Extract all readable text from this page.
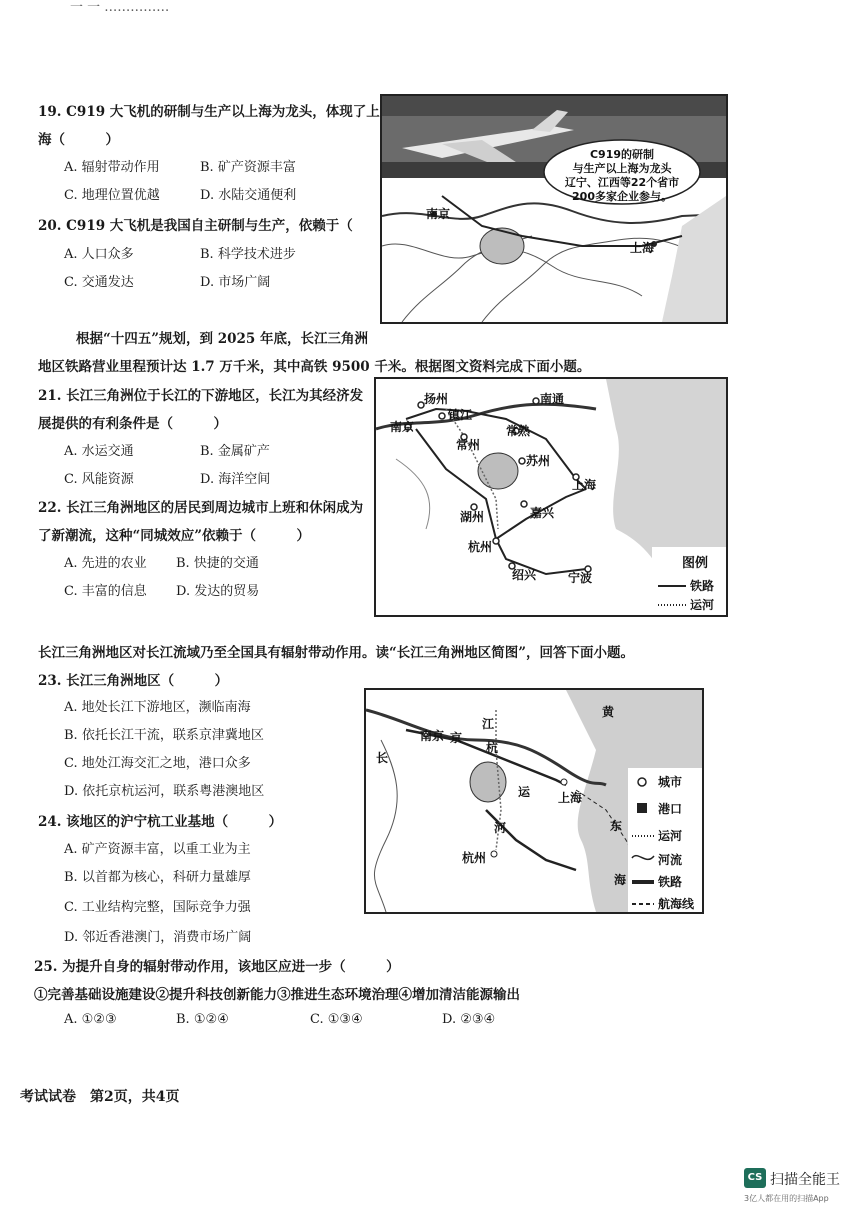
一 一 ……………
19. C919 大飞机的研制与生产以上海为龙头，体现了上
海（　　　）
A. 辐射带动作用	B. 矿产资源丰富
C. 地理位置优越	D. 水陆交通便利
20. C919 大飞机是我国自主研制与生产，依赖于（
A. 人口众多	B. 科学技术进步
C. 交通发达	D. 市场广阔
南京
上海
C919的研制
与生产以上海为龙头
辽宁、江西等22个省市
200多家企业参与。
根据“十四五”规划，到 2025 年底，长江三角洲
地区铁路营业里程预计达 1.7 万千米，其中高铁 9500 千米。根据图文资料完成下面小题。
21. 长江三角洲位于长江的下游地区，长江为其经济发
展提供的有利条件是（　　　）
A. 水运交通	B. 金属矿产
C. 风能资源	D. 海洋空间
22. 长江三角洲地区的居民到周边城市上班和休闲成为
了新潮流，这种“同城效应”依赖于（　　　）
A. 先进的农业 B. 快捷的交通
C. 丰富的信息 D. 发达的贸易
扬州
镇江
南通
南京
常州
常熟
苏州
上海
湖州	嘉兴
杭州
绍兴	宁波
图例
铁路
运河
长江三角洲地区对长江流域乃至全国具有辐射带动作用。读“长江三角洲地区简图”，回答下面小题。
23. 长江三角洲地区（　　　）
A. 地处长江下游地区，濒临南海
B. 依托长江干流，联系京津冀地区
C. 地处江海交汇之地，港口众多
D. 依托京杭运河，联系粤港澳地区
24. 该地区的沪宁杭工业基地（　　　）
A. 矿产资源丰富，以重工业为主
B. 以首都为核心，科研力量雄厚
C. 工业结构完整，国际竞争力强
D. 邻近香港澳门，消费市场广阔
南京 京
江
杭
长
运 上海
河
杭州
黄
东
海
城市
港口
运河
河流
铁路
航海线
25. 为提升自身的辐射带动作用，该地区应进一步（　　　）
①完善基础设施建设②提升科技创新能力③推进生态环境治理④增加清洁能源输出
A. ①②③	B. ①②④	C. ①③④	D. ②③④
考试试卷　第2页，共4页
CS 扫描全能王
3亿人都在用的扫描App
